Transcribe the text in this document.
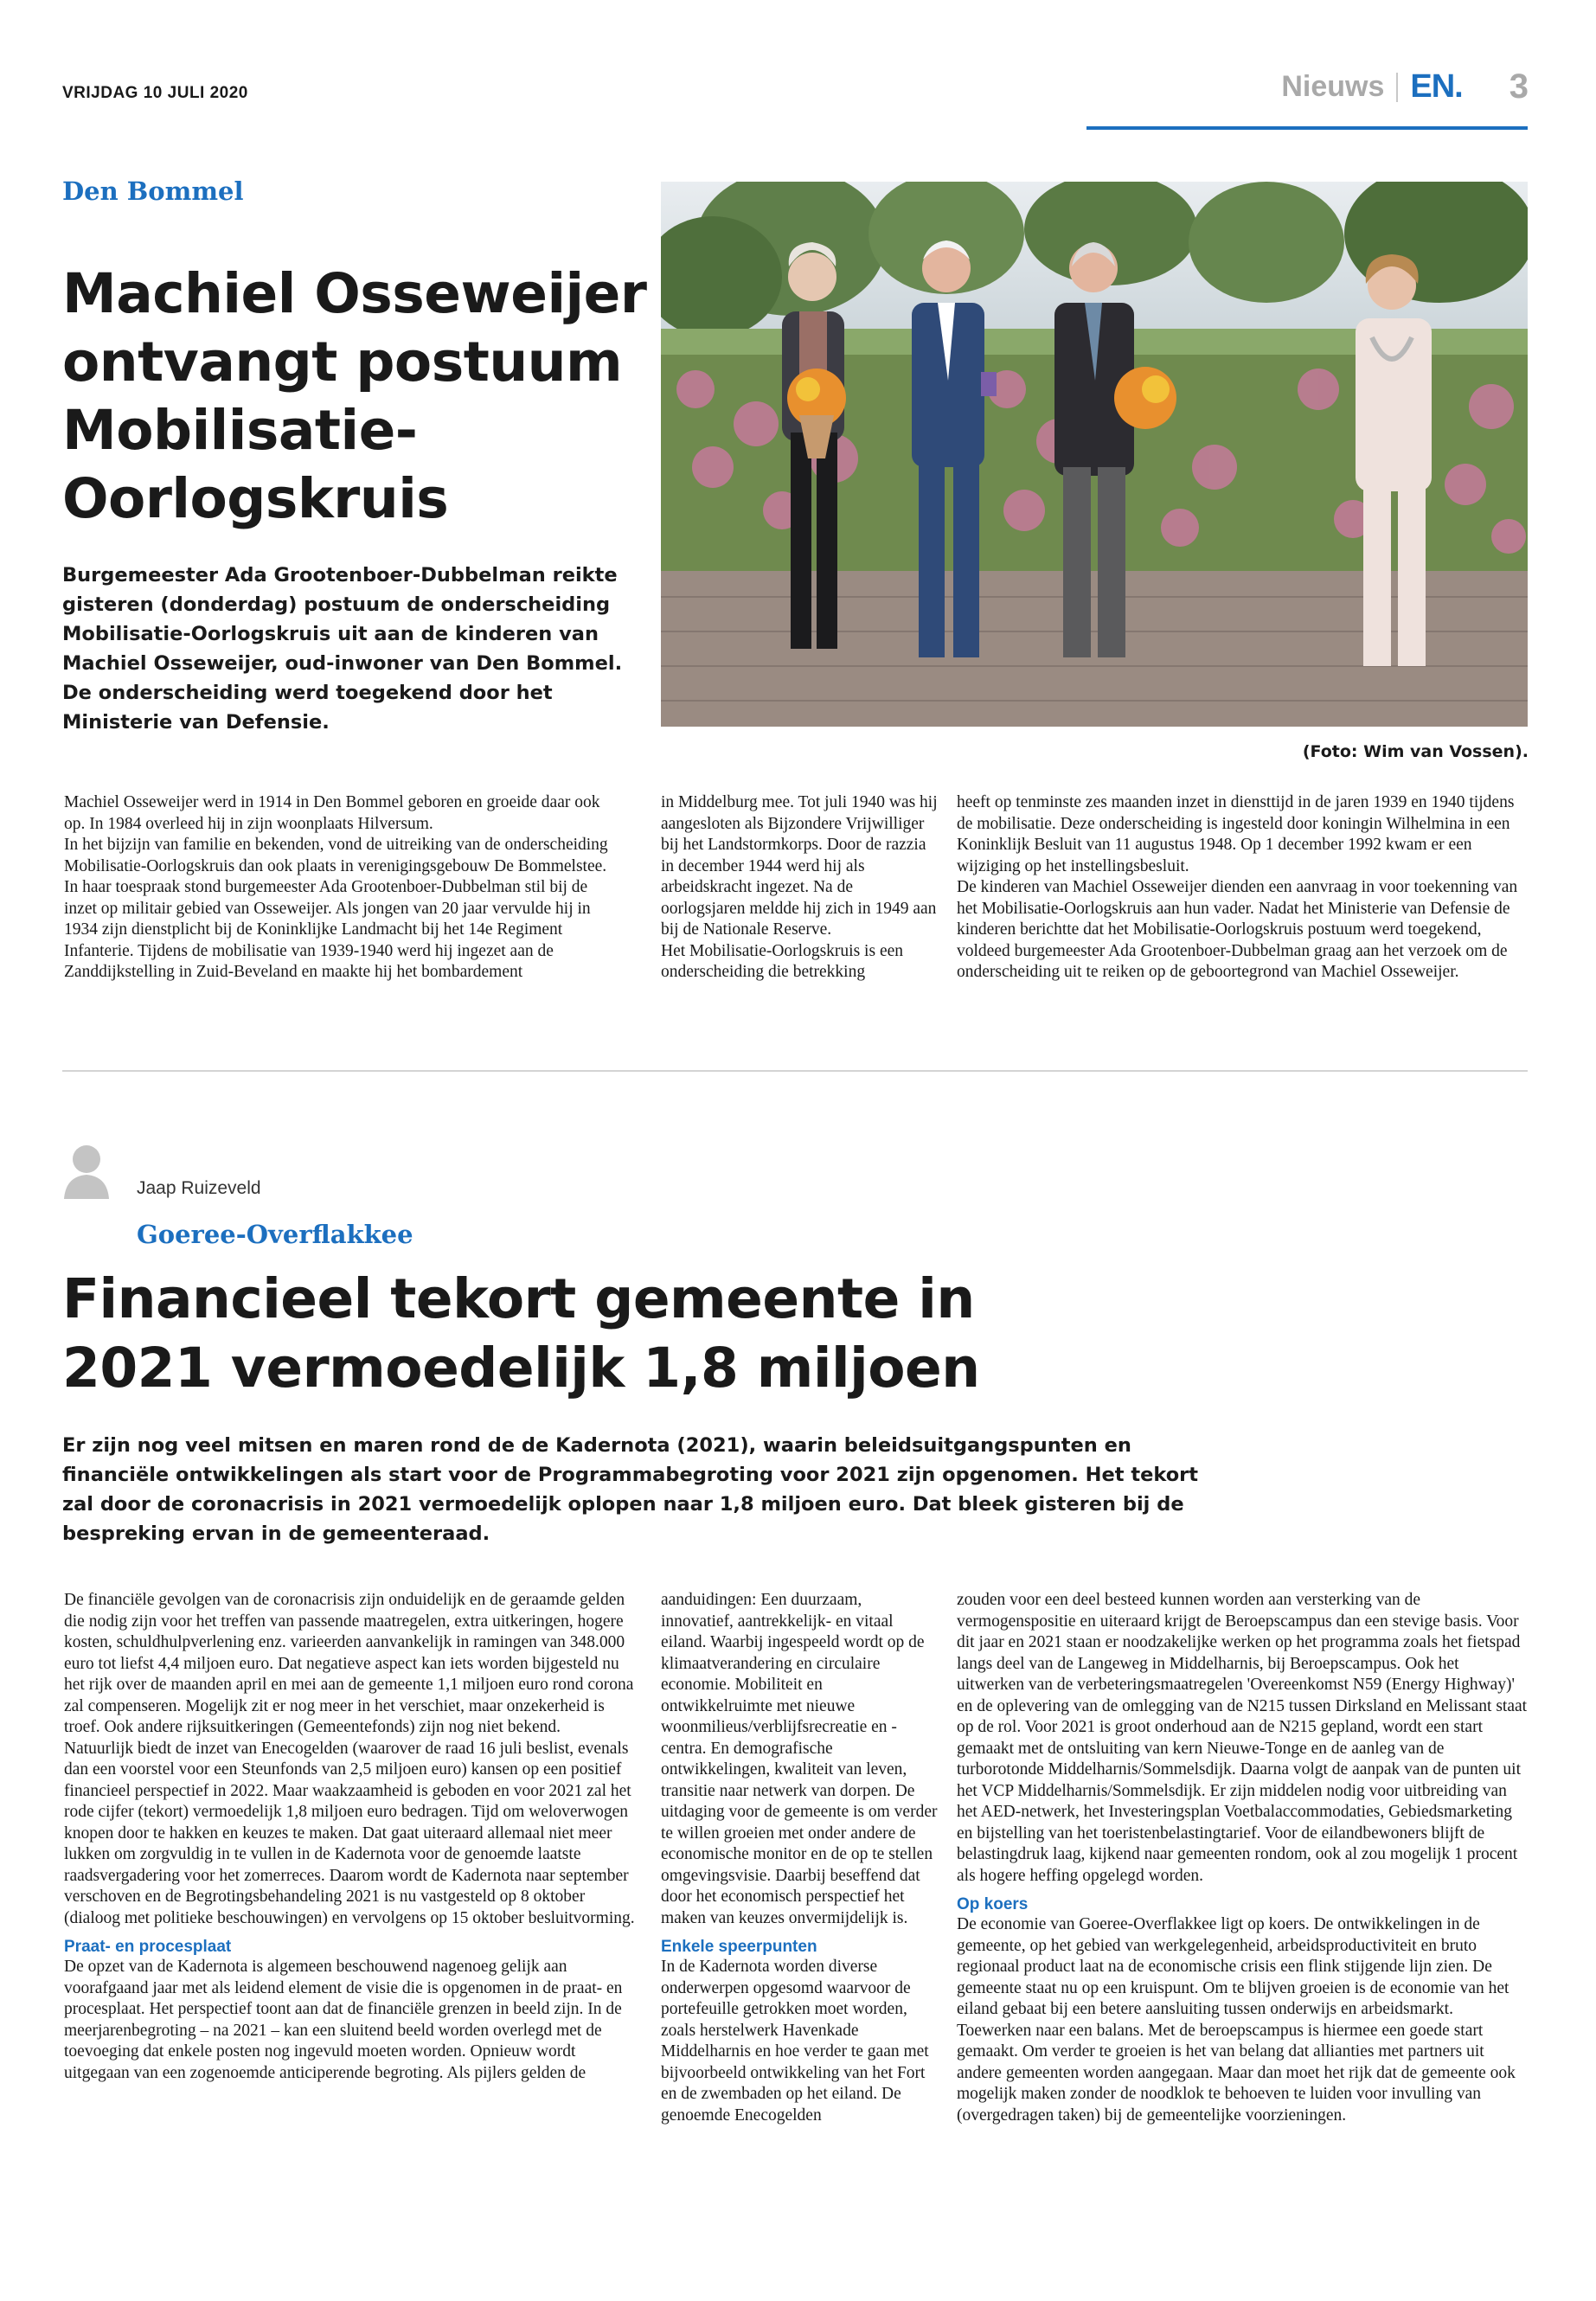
VRIJDAG 10 JULI 2020	Nieuws EN. 3
Den Bommel
Machiel Osseweijer
ontvangt postuum
Mobilisatie-
Oorlogskruis
Burgemeester Ada Grootenboer-Dubbelman reikte gisteren (donderdag) postuum de onderscheiding Mobilisatie-Oorlogskruis uit aan de kinderen van Machiel Osseweijer, oud-inwoner van Den Bommel. De onderscheiding werd toegekend door het Ministerie van Defensie.
(Foto: Wim van Vossen).
Machiel Osseweijer werd in 1914 in Den Bommel geboren en groeide daar ook op. In 1984 overleed hij in zijn woonplaats Hilversum.
In het bijzijn van familie en bekenden, vond de uitreiking van de onderscheiding Mobilisatie-Oorlogskruis dan ook plaats in verenigingsgebouw De Bommelstee. In haar toespraak stond burgemeester Ada Grootenboer-Dubbelman stil bij de inzet op militair gebied van Osseweijer. Als jongen van 20 jaar vervulde hij in 1934 zijn dienstplicht bij de Koninklijke Landmacht bij het 14e Regiment Infanterie. Tijdens de mobilisatie van 1939-1940 werd hij ingezet aan de Zanddijkstelling in Zuid-Beveland en maakte hij het bombardement
in Middelburg mee. Tot juli 1940 was hij aangesloten als Bijzondere Vrijwilliger bij het Landstormkorps. Door de razzia in december 1944 werd hij als arbeidskracht ingezet. Na de oorlogsjaren meldde hij zich in 1949 aan bij de Nationale Reserve.
Het Mobilisatie-Oorlogskruis is een onderscheiding die betrekking
heeft op tenminste zes maanden inzet in diensttijd in de jaren 1939 en 1940 tijdens de mobilisatie. Deze onderscheiding is ingesteld door koningin Wilhelmina in een Koninklijk Besluit van 11 augustus 1948. Op 1 december 1992 kwam er een wijziging op het instellingsbesluit.
De kinderen van Machiel Osseweijer dienden een aanvraag in voor toekenning van het Mobilisatie-Oorlogskruis aan hun vader. Nadat het Ministerie van Defensie de kinderen berichtte dat het Mobilisatie-Oorlogskruis postuum werd toegekend, voldeed burgemeester Ada Grootenboer-Dubbelman graag aan het verzoek om de onderscheiding uit te reiken op de geboortegrond van Machiel Osseweijer.
Jaap Ruizeveld
Goeree-Overflakkee
Financieel tekort gemeente in
2021 vermoedelijk 1,8 miljoen
Er zijn nog veel mitsen en maren rond de de Kadernota (2021), waarin beleidsuitgangspunten en financiële ontwikkelingen als start voor de Programmabegroting voor 2021 zijn opgenomen. Het tekort zal door de coronacrisis in 2021 vermoedelijk oplopen naar 1,8 miljoen euro. Dat bleek gisteren bij de bespreking ervan in de gemeenteraad.
De financiële gevolgen van de coronacrisis zijn onduidelijk en de geraamde gelden die nodig zijn voor het treffen van passende maatregelen, extra uitkeringen, hogere kosten, schuldhulpverlening enz. varieerden aanvankelijk in ramingen van 348.000 euro tot liefst 4,4 miljoen euro. Dat negatieve aspect kan iets worden bijgesteld nu het rijk over de maanden april en mei aan de gemeente 1,1 miljoen euro rond corona zal compenseren. Mogelijk zit er nog meer in het verschiet, maar onzekerheid is troef. Ook andere rijksuitkeringen (Gemeentefonds) zijn nog niet bekend.
Natuurlijk biedt de inzet van Enecogelden (waarover de raad 16 juli beslist, evenals dan een voorstel voor een Steunfonds van 2,5 miljoen euro) kansen op een positief financieel perspectief in 2022. Maar waakzaamheid is geboden en voor 2021 zal het rode cijfer (tekort) vermoedelijk 1,8 miljoen euro bedragen. Tijd om weloverwogen knopen door te hakken en keuzes te maken. Dat gaat uiteraard allemaal niet meer lukken om zorgvuldig in te vullen in de Kadernota voor de genoemde laatste raadsvergadering voor het zomerreces. Daarom wordt de Kadernota naar september verschoven en de Begrotingsbehandeling 2021 is nu vastgesteld op 8 oktober (dialoog met politieke beschouwingen) en vervolgens op 15 oktober besluitvorming.
Praat- en procesplaat
De opzet van de Kadernota is algemeen beschouwend nagenoeg gelijk aan voorafgaand jaar met als leidend element de visie die is opgenomen in de praat- en procesplaat. Het perspectief toont aan dat de financiële grenzen in beeld zijn. In de meerjarenbegroting – na 2021 – kan een sluitend beeld worden overlegd met de toevoeging dat enkele posten nog ingevuld moeten worden. Opnieuw wordt uitgegaan van een zogenoemde anticiperende begroting. Als pijlers gelden de
aanduidingen: Een duurzaam, innovatief, aantrekkelijk- en vitaal eiland. Waarbij ingespeeld wordt op de klimaatverandering en circulaire economie. Mobiliteit en ontwikkelruimte met nieuwe woonmilieus/verblijfsrecreatie en -centra. En demografische ontwikkelingen, kwaliteit van leven, transitie naar netwerk van dorpen. De uitdaging voor de gemeente is om verder te willen groeien met onder andere de economische monitor en de op te stellen omgevingsvisie. Daarbij beseffend dat door het economisch perspectief het maken van keuzes onvermijdelijk is.
Enkele speerpunten
In de Kadernota worden diverse onderwerpen opgesomd waarvoor de portefeuille getrokken moet worden, zoals herstelwerk Havenkade Middelharnis en hoe verder te gaan met bijvoorbeeld ontwikkeling van het Fort en de zwembaden op het eiland. De genoemde Enecogelden
zouden voor een deel besteed kunnen worden aan versterking van de vermogenspositie en uiteraard krijgt de Beroepscampus dan een stevige basis. Voor dit jaar en 2021 staan er noodzakelijke werken op het programma zoals het fietspad langs deel van de Langeweg in Middelharnis, bij Beroepscampus. Ook het uitwerken van de verbeteringsmaatregelen 'Overeenkomst N59 (Energy Highway)' en de oplevering van de omlegging van de N215 tussen Dirksland en Melissant staat op de rol. Voor 2021 is groot onderhoud aan de N215 gepland, wordt een start gemaakt met de ontsluiting van kern Nieuwe-Tonge en de aanleg van de turborotonde Middelharnis/Sommelsdijk. Daarna volgt de aanpak van de punten uit het VCP Middelharnis/Sommelsdijk. Er zijn middelen nodig voor uitbreiding van het AED-netwerk, het Investeringsplan Voetbalaccommodaties, Gebiedsmarketing en bijstelling van het toeristenbelastingtarief. Voor de eilandbewoners blijft de belastingdruk laag, kijkend naar gemeenten rondom, ook al zou mogelijk 1 procent als hogere heffing opgelegd worden.
Op koers
De economie van Goeree-Overflakkee ligt op koers. De ontwikkelingen in de gemeente, op het gebied van werkgelegenheid, arbeidsproductiviteit en bruto regionaal product laat na de economische crisis een flink stijgende lijn zien. De gemeente staat nu op een kruispunt. Om te blijven groeien is de economie van het eiland gebaat bij een betere aansluiting tussen onderwijs en arbeidsmarkt. Toewerken naar een balans. Met de beroepscampus is hiermee een goede start gemaakt. Om verder te groeien is het van belang dat allianties met partners uit andere gemeenten worden aangegaan. Maar dan moet het rijk dat de gemeente ook mogelijk maken zonder de noodklok te behoeven te luiden voor invulling van (overgedragen taken) bij de gemeentelijke voorzieningen.
